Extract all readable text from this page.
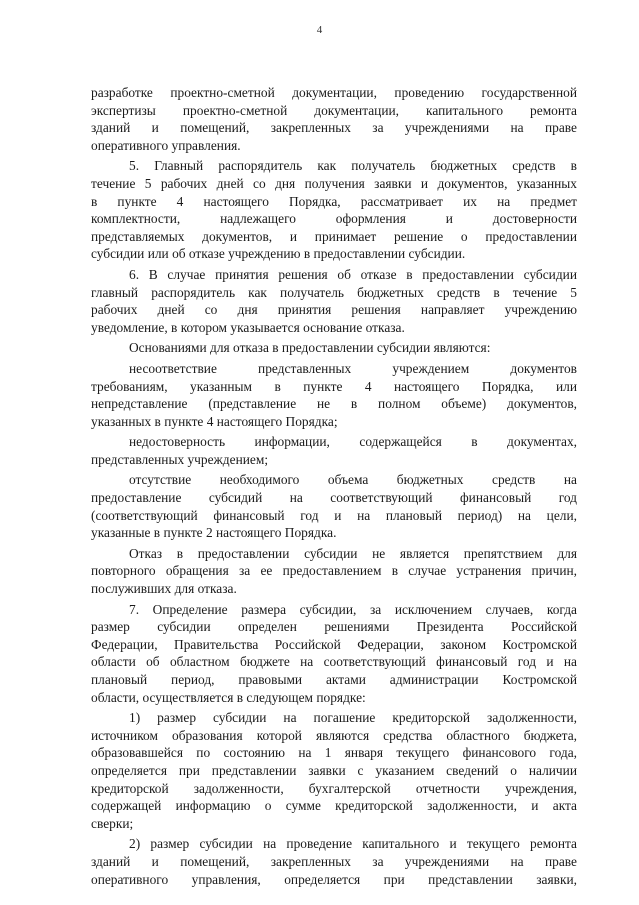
4
разработке проектно-сметной документации, проведению государственной
экспертизы проектно-сметной документации, капитального ремонта
зданий и помещений, закрепленных за учреждениями на праве
оперативного управления.
5. Главный распорядитель как получатель бюджетных средств в
течение 5 рабочих дней со дня получения заявки и документов, указанных
в пункте 4 настоящего Порядка, рассматривает их на предмет
комплектности, надлежащего оформления и достоверности
представляемых документов, и принимает решение о предоставлении
субсидии или об отказе учреждению в предоставлении субсидии.
6. В случае принятия решения об отказе в предоставлении субсидии
главный распорядитель как получатель бюджетных средств в течение 5
рабочих дней со дня принятия решения направляет учреждению
уведомление, в котором указывается основание отказа.
Основаниями для отказа в предоставлении субсидии являются:
несоответствие представленных учреждением документов
требованиям, указанным в пункте 4 настоящего Порядка, или
непредставление (представление не в полном объеме) документов,
указанных в пункте 4 настоящего Порядка;
недостоверность информации, содержащейся в документах,
представленных учреждением;
отсутствие необходимого объема бюджетных средств на
предоставление субсидий на соответствующий финансовый год
(соответствующий финансовый год и на плановый период) на цели,
указанные в пункте 2 настоящего Порядка.
Отказ в предоставлении субсидии не является препятствием для
повторного обращения за ее предоставлением в случае устранения причин,
послуживших для отказа.
7. Определение размера субсидии, за исключением случаев, когда
размер субсидии определен решениями Президента Российской
Федерации, Правительства Российской Федерации, законом Костромской
области об областном бюджете на соответствующий финансовый год и на
плановый период, правовыми актами администрации Костромской
области, осуществляется в следующем порядке:
1) размер субсидии на погашение кредиторской задолженности,
источником образования которой являются средства областного бюджета,
образовавшейся по состоянию на 1 января текущего финансового года,
определяется при представлении заявки с указанием сведений о наличии
кредиторской задолженности, бухгалтерской отчетности учреждения,
содержащей информацию о сумме кредиторской задолженности, и акта
сверки;
2) размер субсидии на проведение капитального и текущего ремонта
зданий и помещений, закрепленных за учреждениями на праве
оперативного управления, определяется при представлении заявки,
